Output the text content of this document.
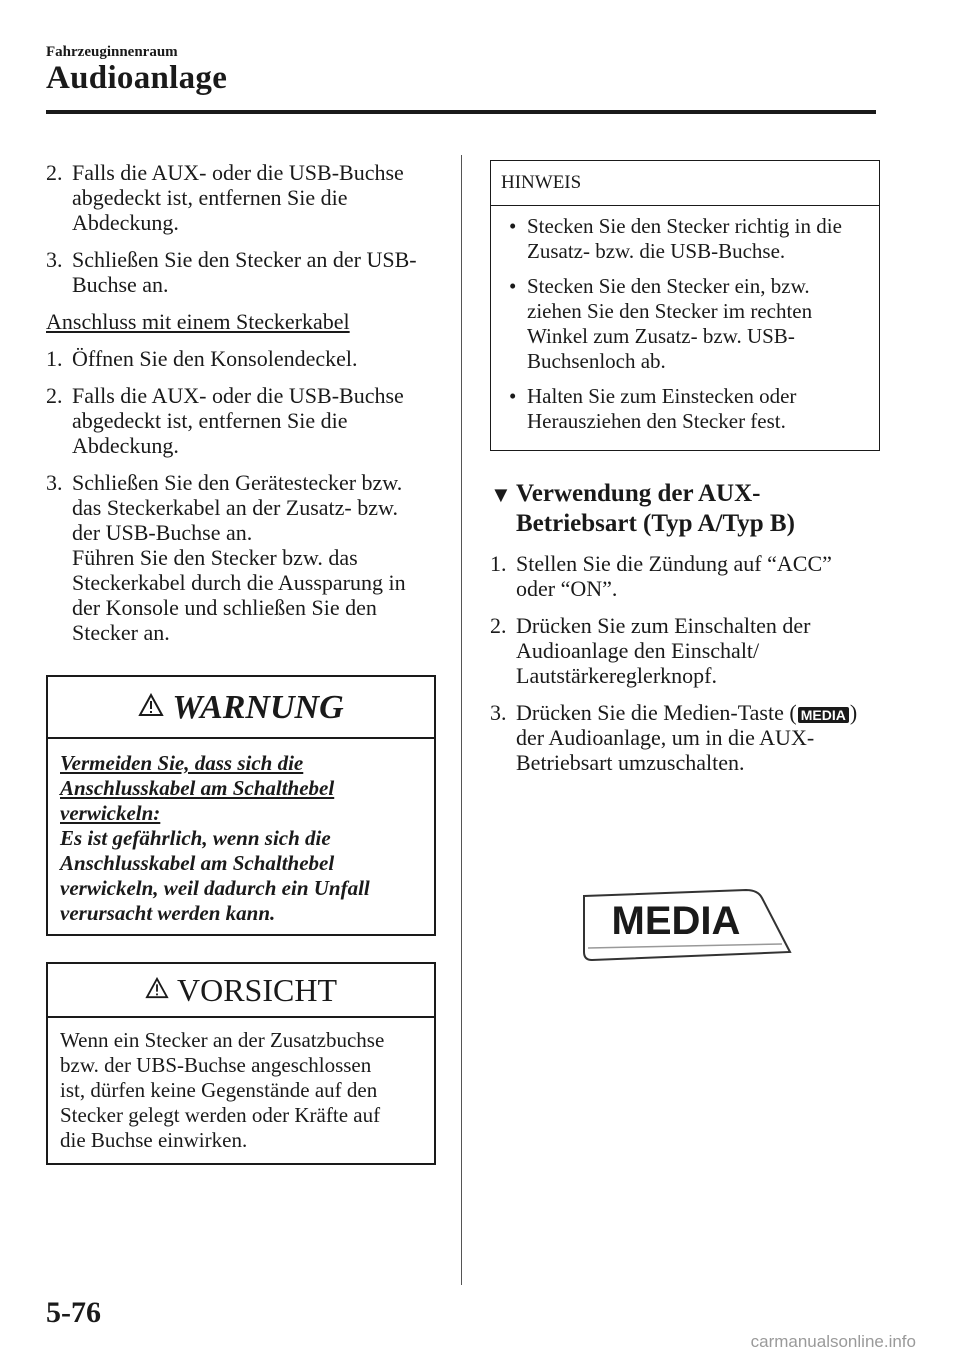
Fahrzeuginnenraum
Audioanlage
2. Falls die AUX- oder die USB-Buchse
abgedeckt ist, entfernen Sie die
Abdeckung.
3. Schließen Sie den Stecker an der USB-
Buchse an.
Anschluss mit einem Steckerkabel
1. Öffnen Sie den Konsolendeckel.
2. Falls die AUX- oder die USB-Buchse
abgedeckt ist, entfernen Sie die
Abdeckung.
3. Schließen Sie den Gerätestecker bzw.
das Steckerkabel an der Zusatz- bzw.
der USB-Buchse an.
Führen Sie den Stecker bzw. das
Steckerkabel durch die Aussparung in
der Konsole und schließen Sie den
Stecker an.
WARNUNG
Vermeiden Sie, dass sich die
Anschlusskabel am Schalthebel
verwickeln:
Es ist gefährlich, wenn sich die
Anschlusskabel am Schalthebel
verwickeln, weil dadurch ein Unfall
verursacht werden kann.
VORSICHT
Wenn ein Stecker an der Zusatzbuchse
bzw. der UBS-Buchse angeschlossen
ist, dürfen keine Gegenstände auf den
Stecker gelegt werden oder Kräfte auf
die Buchse einwirken.
HINWEIS
• Stecken Sie den Stecker richtig in die
Zusatz- bzw. die USB-Buchse.
• Stecken Sie den Stecker ein, bzw.
ziehen Sie den Stecker im rechten
Winkel zum Zusatz- bzw. USB-
Buchsenloch ab.
• Halten Sie zum Einstecken oder
Herausziehen den Stecker fest.
▼ Verwendung der AUX-
Betriebsart (Typ A/Typ B)
1. Stellen Sie die Zündung auf “ACC”
oder “ON”.
2. Drücken Sie zum Einschalten der
Audioanlage den Einschalt/
Lautstärkereglerknopf.
3. Drücken Sie die Medien-Taste ( MEDIA )
der Audioanlage, um in die AUX-
Betriebsart umzuschalten.
MEDIA
5-76
carmanualsonline.info
